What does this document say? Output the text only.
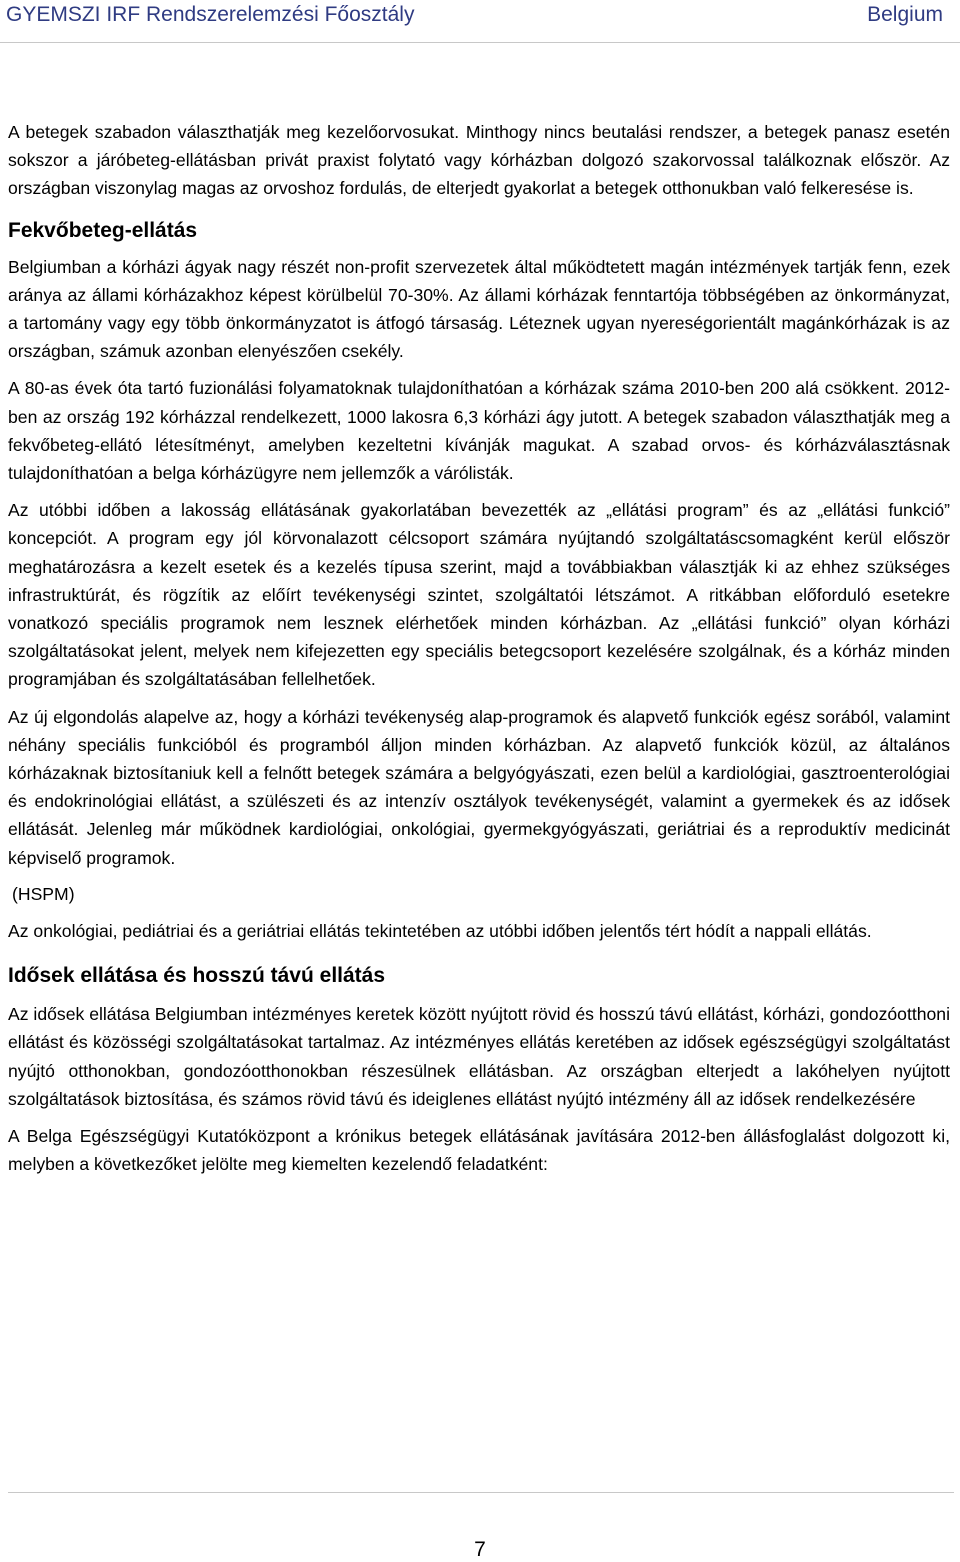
GYEMSZI IRF Rendszerelemzési Főosztály	Belgium

A betegek szabadon választhatják meg kezelőorvosukat. Minthogy nincs beutalási rendszer, a betegek panasz esetén sokszor a járóbeteg-ellátásban privát praxist folytató vagy kórházban dolgozó szakorvossal találkoznak először. Az országban viszonylag magas az orvoshoz fordulás, de elterjedt gyakorlat a betegek otthonukban való felkeresése is.

Fekvőbeteg-ellátás

Belgiumban a kórházi ágyak nagy részét non-profit szervezetek által működtetett magán intézmények tartják fenn, ezek aránya az állami kórházakhoz képest körülbelül 70-30%. Az állami kórházak fenntartója többségében az önkormányzat, a tartomány vagy egy több önkormányzatot is átfogó társaság. Léteznek ugyan nyereségorientált magánkórházak is az országban, számuk azonban elenyészően csekély.

A 80-as évek óta tartó fuzionálási folyamatoknak tulajdoníthatóan a kórházak száma 2010-ben 200 alá csökkent. 2012-ben az ország 192 kórházzal rendelkezett, 1000 lakosra 6,3 kórházi ágy jutott. A betegek szabadon választhatják meg a fekvőbeteg-ellátó létesítményt, amelyben kezeltetni kívánják magukat. A szabad orvos- és kórházválasztásnak tulajdoníthatóan a belga kórházügyre nem jellemzők a várólisták.

Az utóbbi időben a lakosság ellátásának gyakorlatában bevezették az „ellátási program” és az „ellátási funkció” koncepciót. A program egy jól körvonalazott célcsoport számára nyújtandó szolgáltatáscsomagként kerül először meghatározásra a kezelt esetek és a kezelés típusa szerint, majd a továbbiakban választják ki az ehhez szükséges infrastruktúrát, és rögzítik az előírt tevékenységi szintet, szolgáltatói létszámot. A ritkábban előforduló esetekre vonatkozó speciális programok nem lesznek elérhetőek minden kórházban. Az „ellátási funkció” olyan kórházi szolgáltatásokat jelent, melyek nem kifejezetten egy speciális betegcsoport kezelésére szolgálnak, és a kórház minden programjában és szolgáltatásában fellelhetőek.

Az új elgondolás alapelve az, hogy a kórházi tevékenység alap-programok és alapvető funkciók egész sorából, valamint néhány speciális funkcióból és programból álljon minden kórházban. Az alapvető funkciók közül, az általános kórházaknak biztosítaniuk kell a felnőtt betegek számára a belgyógyászati, ezen belül a kardiológiai, gasztroenterológiai és endokrinológiai ellátást, a szülészeti és az intenzív osztályok tevékenységét, valamint a gyermekek és az idősek ellátását. Jelenleg már működnek kardiológiai, onkológiai, gyermekgyógyászati, geriátriai és a reproduktív medicinát képviselő programok.

(HSPM)

Az onkológiai, pediátriai és a geriátriai ellátás tekintetében az utóbbi időben jelentős tért hódít a nappali ellátás.

Idősek ellátása és hosszú távú ellátás

Az idősek ellátása Belgiumban intézményes keretek között nyújtott rövid és hosszú távú ellátást, kórházi, gondozóotthoni ellátást és közösségi szolgáltatásokat tartalmaz. Az intézményes ellátás keretében az idősek egészségügyi szolgáltatást nyújtó otthonokban, gondozóotthonokban részesülnek ellátásban. Az országban elterjedt a lakóhelyen nyújtott szolgáltatások biztosítása, és számos rövid távú és ideiglenes ellátást nyújtó intézmény áll az idősek rendelkezésére

A Belga Egészségügyi Kutatóközpont a krónikus betegek ellátásának javítására 2012-ben állásfoglalást dolgozott ki, melyben a következőket jelölte meg kiemelten kezelendő feladatként:

7
